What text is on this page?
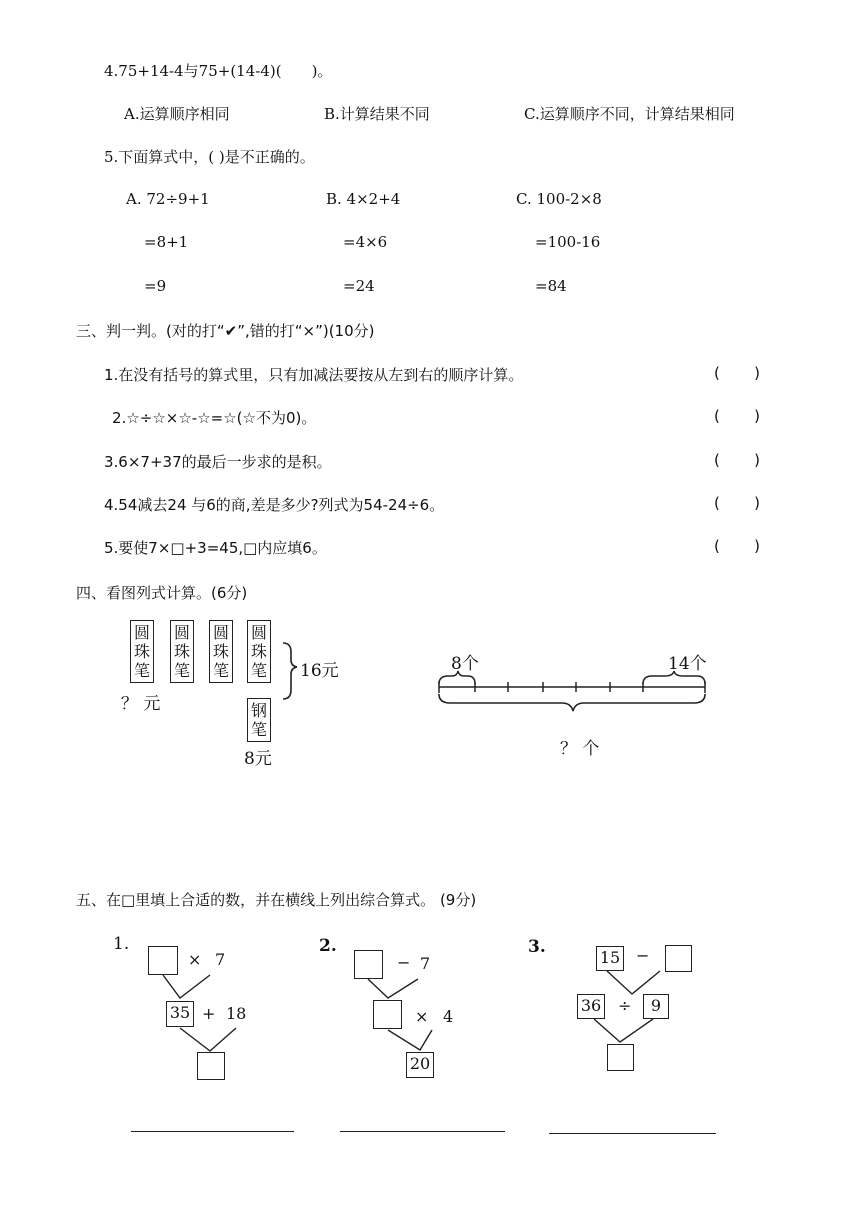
4.75+14-4与75+(14-4)(　　)。
A.运算顺序相同	B.计算结果不同	C.运算顺序不同，计算结果相同
5.下面算式中，( )是不正确的。
A. 72÷9+1
=8+1
=9
B. 4×2+4
=4×6
=24
C. 100-2×8
=100-16
=84
三、判一判。(对的打“✔”,错的打“×”)(10分)
1.在没有括号的算式里，只有加减法要按从左到右的顺序计算。	( )
2.☆÷☆×☆-☆=☆(☆不为0)。	( )
3.6×7+37的最后一步求的是积。	( )
4.54减去24 与6的商,差是多少?列式为54-24÷6。	( )
5.要使7×□+3=45,□内应填6。	( )
四、看图列式计算。(6分)
圆
珠
笔
圆
珠
笔
圆
珠
笔
圆
珠
笔 16元
？ 元	钢
笔
8元
8个	14个
？ 个
五、在□里填上合适的数，并在横线上列出综合算式。 (9分)
1.
× 7
35 + 18
2.
− 7
× 4
20
3.
15 −
36 ÷	9
